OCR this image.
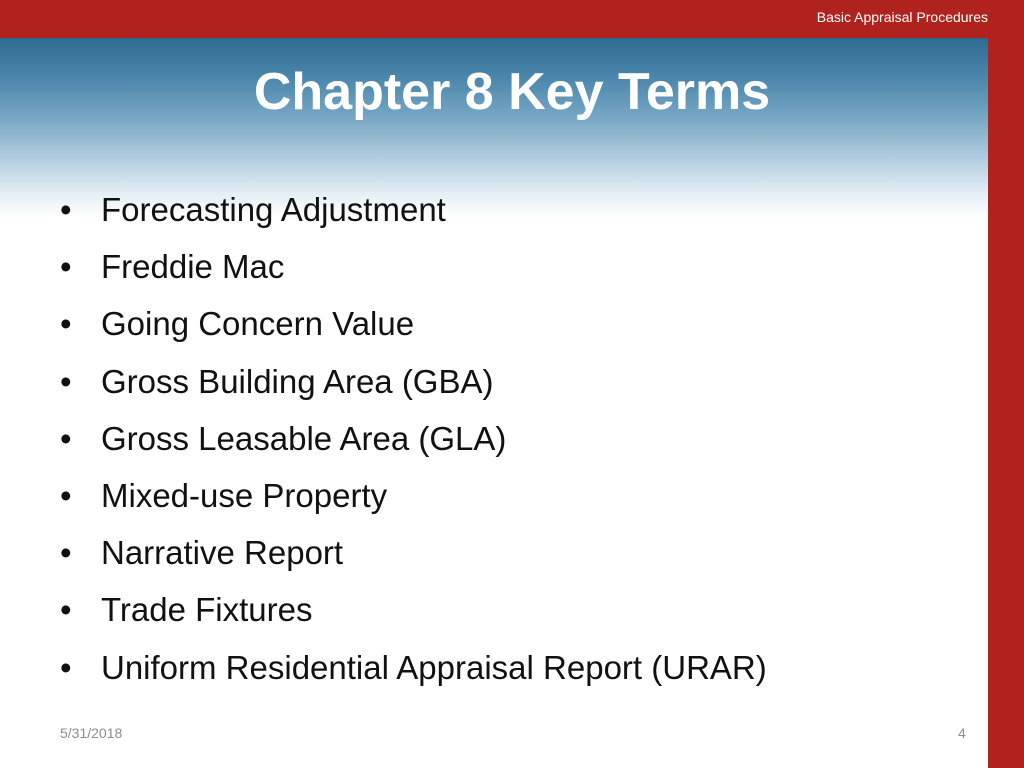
Basic Appraisal Procedures
Chapter 8 Key Terms
• Forecasting Adjustment
• Freddie Mac
• Going Concern Value
• Gross Building Area (GBA)
• Gross Leasable Area (GLA)
• Mixed-use Property
• Narrative Report
• Trade Fixtures
• Uniform Residential Appraisal Report (URAR)
5/31/2018	4
